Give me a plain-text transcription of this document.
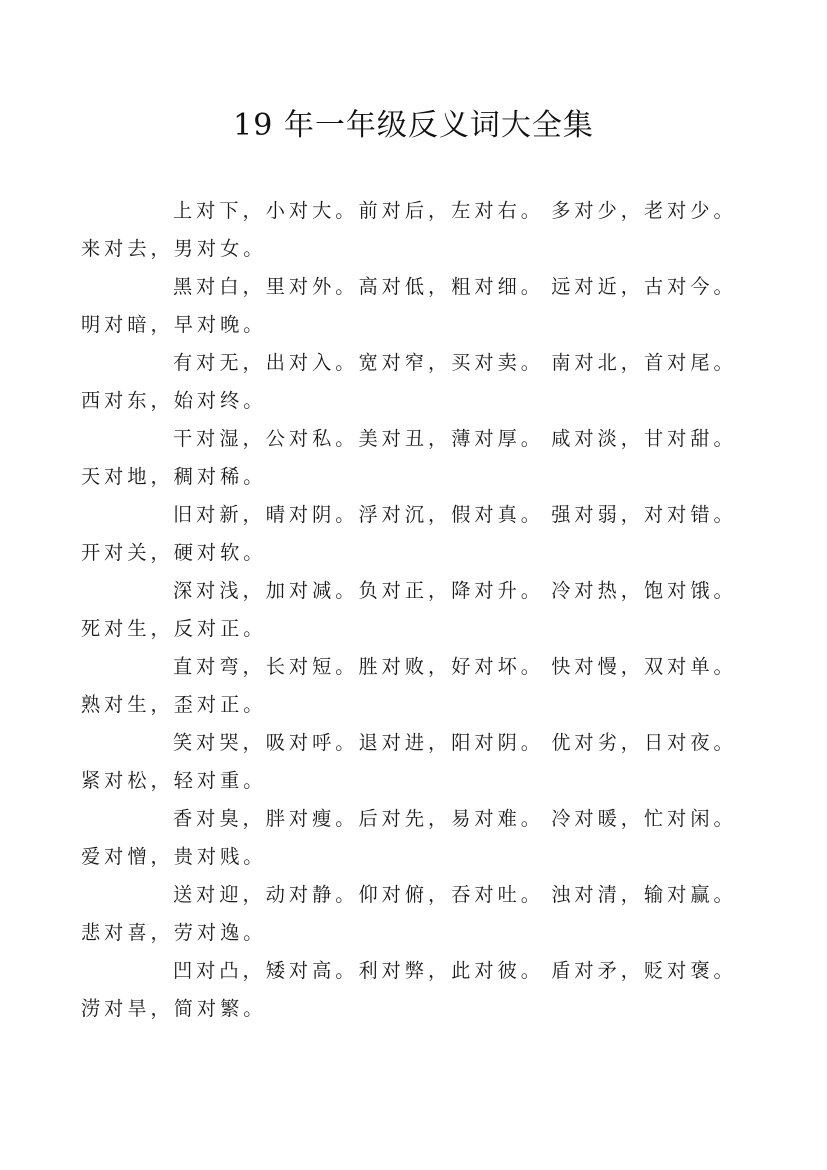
19 年一年级反义词大全集

上对下，小对大。前对后，左对右。  多对少，老对少。
来对去，男对女。

黑对白，里对外。高对低，粗对细。  远对近，古对今。
明对暗，早对晚。

有对无，出对入。宽对窄，买对卖。  南对北，首对尾。
西对东，始对终。

干对湿，公对私。美对丑，薄对厚。  咸对淡，甘对甜。
天对地，稠对稀。

旧对新，晴对阴。浮对沉，假对真。  强对弱，对对错。
开对关，硬对软。

深对浅，加对减。负对正，降对升。  冷对热，饱对饿。
死对生，反对正。

直对弯，长对短。胜对败，好对坏。  快对慢，双对单。
熟对生，歪对正。

笑对哭，吸对呼。退对进，阳对阴。  优对劣，日对夜。
紧对松，轻对重。

香对臭，胖对瘦。后对先，易对难。  冷对暖，忙对闲。
爱对憎，贵对贱。

送对迎，动对静。仰对俯，吞对吐。  浊对清，输对赢。
悲对喜，劳对逸。

凹对凸，矮对高。利对弊，此对彼。  盾对矛，贬对褒。
涝对旱，简对繁。
